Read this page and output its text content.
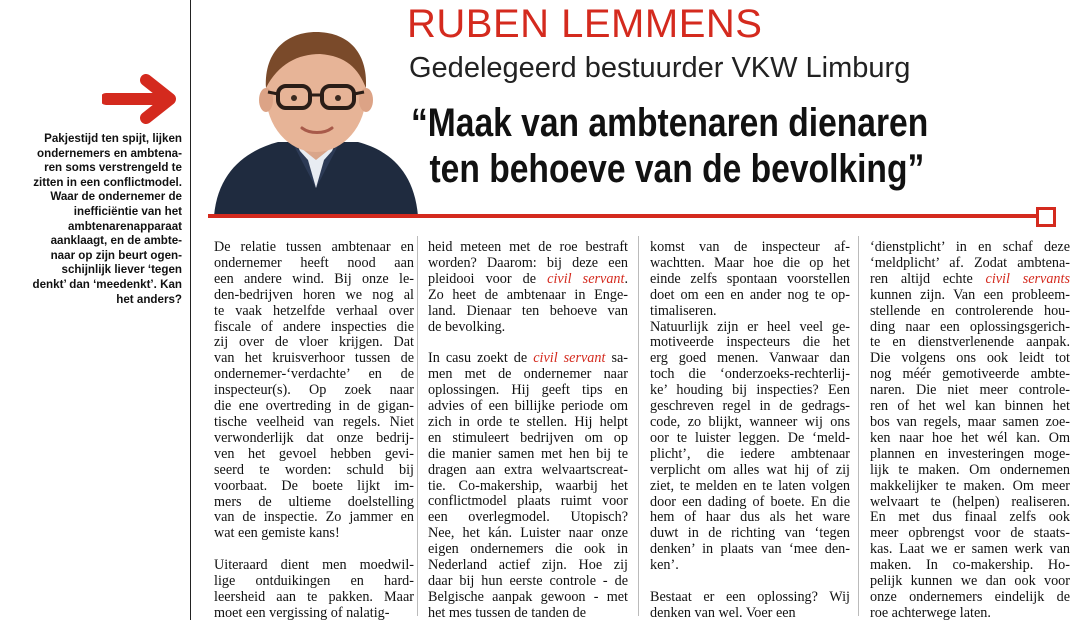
Pakjestijd ten spijt, lijken
ondernemers en ambtena-
ren soms verstrengeld te
zitten in een conflictmodel.
Waar de ondernemer de
inefficiëntie van het
ambtenarenapparaat
aanklaagt, en de ambte-
naar op zijn beurt ogen-
schijnlijk liever ‘tegen
denkt’ dan ‘meedenkt’. Kan
het anders?
RUBEN LEMMENS
Gedelegeerd bestuurder VKW Limburg
“Maak van ambtenaren dienaren
ten behoeve van de bevolking”
De relatie tussen ambtenaar en
ondernemer heeft nood aan
een andere wind. Bij onze le-
den-bedrijven horen we nog al
te vaak hetzelfde verhaal over
fiscale of andere inspecties die
zij over de vloer krijgen. Dat
van het kruisverhoor tussen de
ondernemer-‘verdachte’ en de
inspecteur(s). Op zoek naar
die ene overtreding in de gigan-
tische veelheid van regels. Niet
verwonderlijk dat onze bedrij-
ven het gevoel hebben gevi-
seerd te worden: schuld bij
voorbaat. De boete lijkt im-
mers de ultieme doelstelling
van de inspectie. Zo jammer en
wat een gemiste kans!
Uiteraard dient men moedwil-
lige ontduikingen en hard-
leersheid aan te pakken. Maar
moet een vergissing of nalatig-
heid meteen met de roe bestraft
worden? Daarom: bij deze een
pleidooi voor de civil servant.
Zo heet de ambtenaar in Enge-
land. Dienaar ten behoeve van
de bevolking.
In casu zoekt de civil servant sa-
men met de ondernemer naar
oplossingen. Hij geeft tips en
advies of een billijke periode om
zich in orde te stellen. Hij helpt
en stimuleert bedrijven om op
die manier samen met hen bij te
dragen aan extra welvaartscreat-
tie. Co-makership, waarbij het
conflictmodel plaats ruimt voor
een overlegmodel. Utopisch?
Nee, het kán. Luister naar onze
eigen ondernemers die ook in
Nederland actief zijn. Hoe zij
daar bij hun eerste controle - de
Belgische aanpak gewoon - met
het mes tussen de tanden de
komst van de inspecteur af-
wachtten. Maar hoe die op het
einde zelfs spontaan voorstellen
doet om een en ander nog te op-
timaliseren.
Natuurlijk zijn er heel veel ge-
motiveerde inspecteurs die het
erg goed menen. Vanwaar dan
toch die ‘onderzoeks-rechterlij-
ke’ houding bij inspecties? Een
geschreven regel in de gedrags-
code, zo blijkt, wanneer wij ons
oor te luister leggen. De ‘meld-
plicht’, die iedere ambtenaar
verplicht om alles wat hij of zij
ziet, te melden en te laten volgen
door een dading of boete. En die
hem of haar dus als het ware
duwt in de richting van ‘tegen
denken’ in plaats van ‘mee den-
ken’.
Bestaat er een oplossing? Wij
denken van wel. Voer een
‘dienstplicht’ in en schaf deze
‘meldplicht’ af. Zodat ambtena-
ren altijd echte civil servants
kunnen zijn. Van een probleem-
stellende en controlerende hou-
ding naar een oplossingsgerich-
te en dienstverlenende aanpak.
Die volgens ons ook leidt tot
nog méér gemotiveerde ambte-
naren. Die niet meer controle-
ren of het wel kan binnen het
bos van regels, maar samen zoe-
ken naar hoe het wél kan. Om
plannen en investeringen moge-
lijk te maken. Om ondernemen
makkelijker te maken. Om meer
welvaart te (helpen) realiseren.
En met dus finaal zelfs ook
meer opbrengst voor de staats-
kas. Laat we er samen werk van
maken. In co-makership. Ho-
pelijk kunnen we dan ook voor
onze ondernemers eindelijk de
roe achterwege laten.
